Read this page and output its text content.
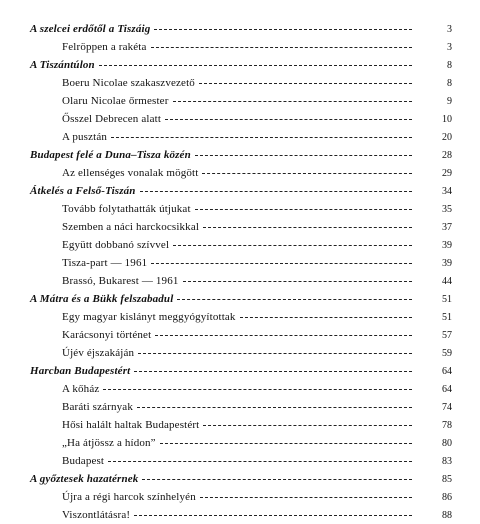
A szelcei erdőtől a Tiszáig	3
Felröppen a rakéta	3
A Tiszántúlon	8
Boeru Nicolae szakaszvezető	8
Olaru Nicolae őrmester	9
Ősszel Debrecen alatt	10
A pusztán	20
Budapest felé a Duna–Tisza közén	28
Az ellenséges vonalak mögött	29
Átkelés a Felső-Tiszán	34
Tovább folytathatták útjukat	35
Szemben a náci harckocsikkal	37
Együtt dobbanó szívvel	39
Tisza-part — 1961	39
Brassó, Bukarest — 1961	44
A Mátra és a Bükk felszabadul	51
Egy magyar kislányt meggyógyítottak	51
Karácsonyi történet	57
Újév éjszakáján	59
Harcban Budapestért	64
A kőház	64
Baráti szárnyak	74
Hősi halált haltak Budapestért	78
„Ha átjössz a hídon”	80
Budapest	83
A győztesek hazatérnek	85
Újra a régi harcok színhelyén	86
Viszontlátásra!	88
